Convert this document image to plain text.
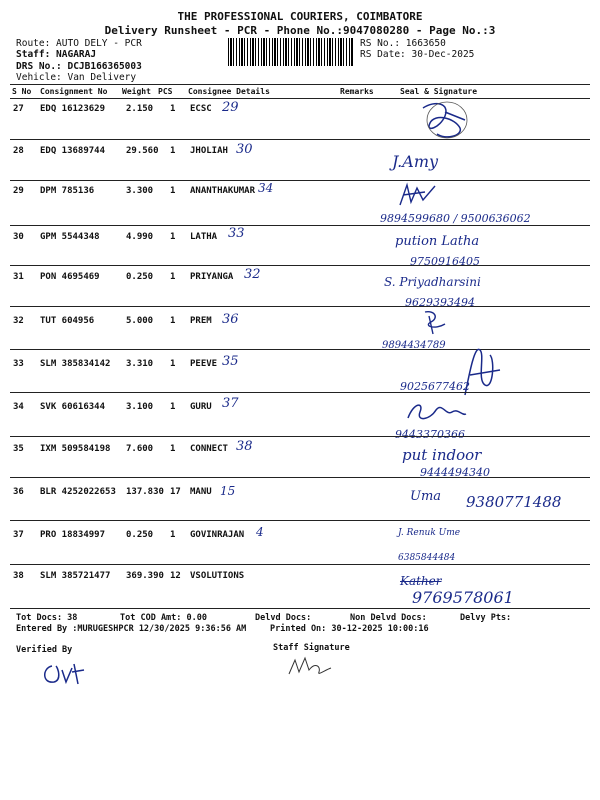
THE PROFESSIONAL COURIERS, COIMBATORE
Delivery Runsheet - PCR - Phone No.:9047080280 - Page No.:3
Route: AUTO DELY - PCR
Staff: NAGARAJ
DRS No.: DCJB166365003
Vehicle: Van Delivery
RS No.: 1663650
RS Date: 30-Dec-2025
S No Consignment No Weight PCS Consignee Details	Remarks	Seal & Signature
27 EDQ 16123629 2.150 1 ECSC 29
28 EDQ 13689744 29.560 1 JHOLIAH 30
J.Amy
29 DPM 785136	3.300 1 ANANTHAKUMAR 34
9894599680 / 9500636062
30 GPM 5544348	4.990 1 LATHA 33
pution Latha
9750916405
31 PON 4695469	0.250 1 PRIYANGA 32	S. Priyadharsini
9629393494
32 TUT 604956	5.000 1 PREM 36
9894434789
33 SLM 385834142 3.310 1 PEEVE 35
9025677462
34 SVK 60616344 3.100 1 GURU 37
9443370366
35 IXM 509584198 7.600 1 CONNECT 38	put indoor
9444494340
36 BLR 4252022653 137.830 17 MANU 15	Uma 9380771488
37 PRO 18834997 0.250 1 GOVINRAJAN 4	J. Renuk Ume
6385844484
38 SLM 385721477 369.390 12 VSOLUTIONS	Kather
9769578061
Tot Docs: 38	Tot COD Amt: 0.00	Delvd Docs:	Non Delvd Docs:	Delvy Pts:
Entered By :MURUGESHPCR 12/30/2025 9:36:56 AM	Printed On: 30-12-2025 10:00:16
Verified By	Staff Signature
